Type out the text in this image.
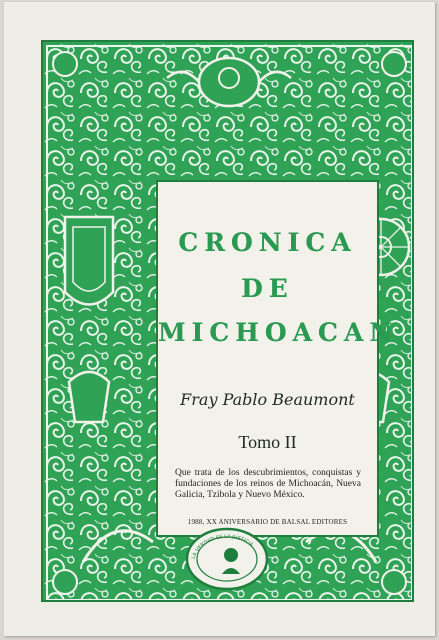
CRONICA
DE
MICHOACAN
Fray Pablo Beaumont
Tomo II
Que trata de los descubrimientos, conquistas y fundaciones de los reinos de Michoacán, Nueva Galicia, Tzibola y Nuevo México.
1988, XX ANIVERSARIO DE BALSAL EDITORES
LA VERDAD ES LA JUSTICIA
